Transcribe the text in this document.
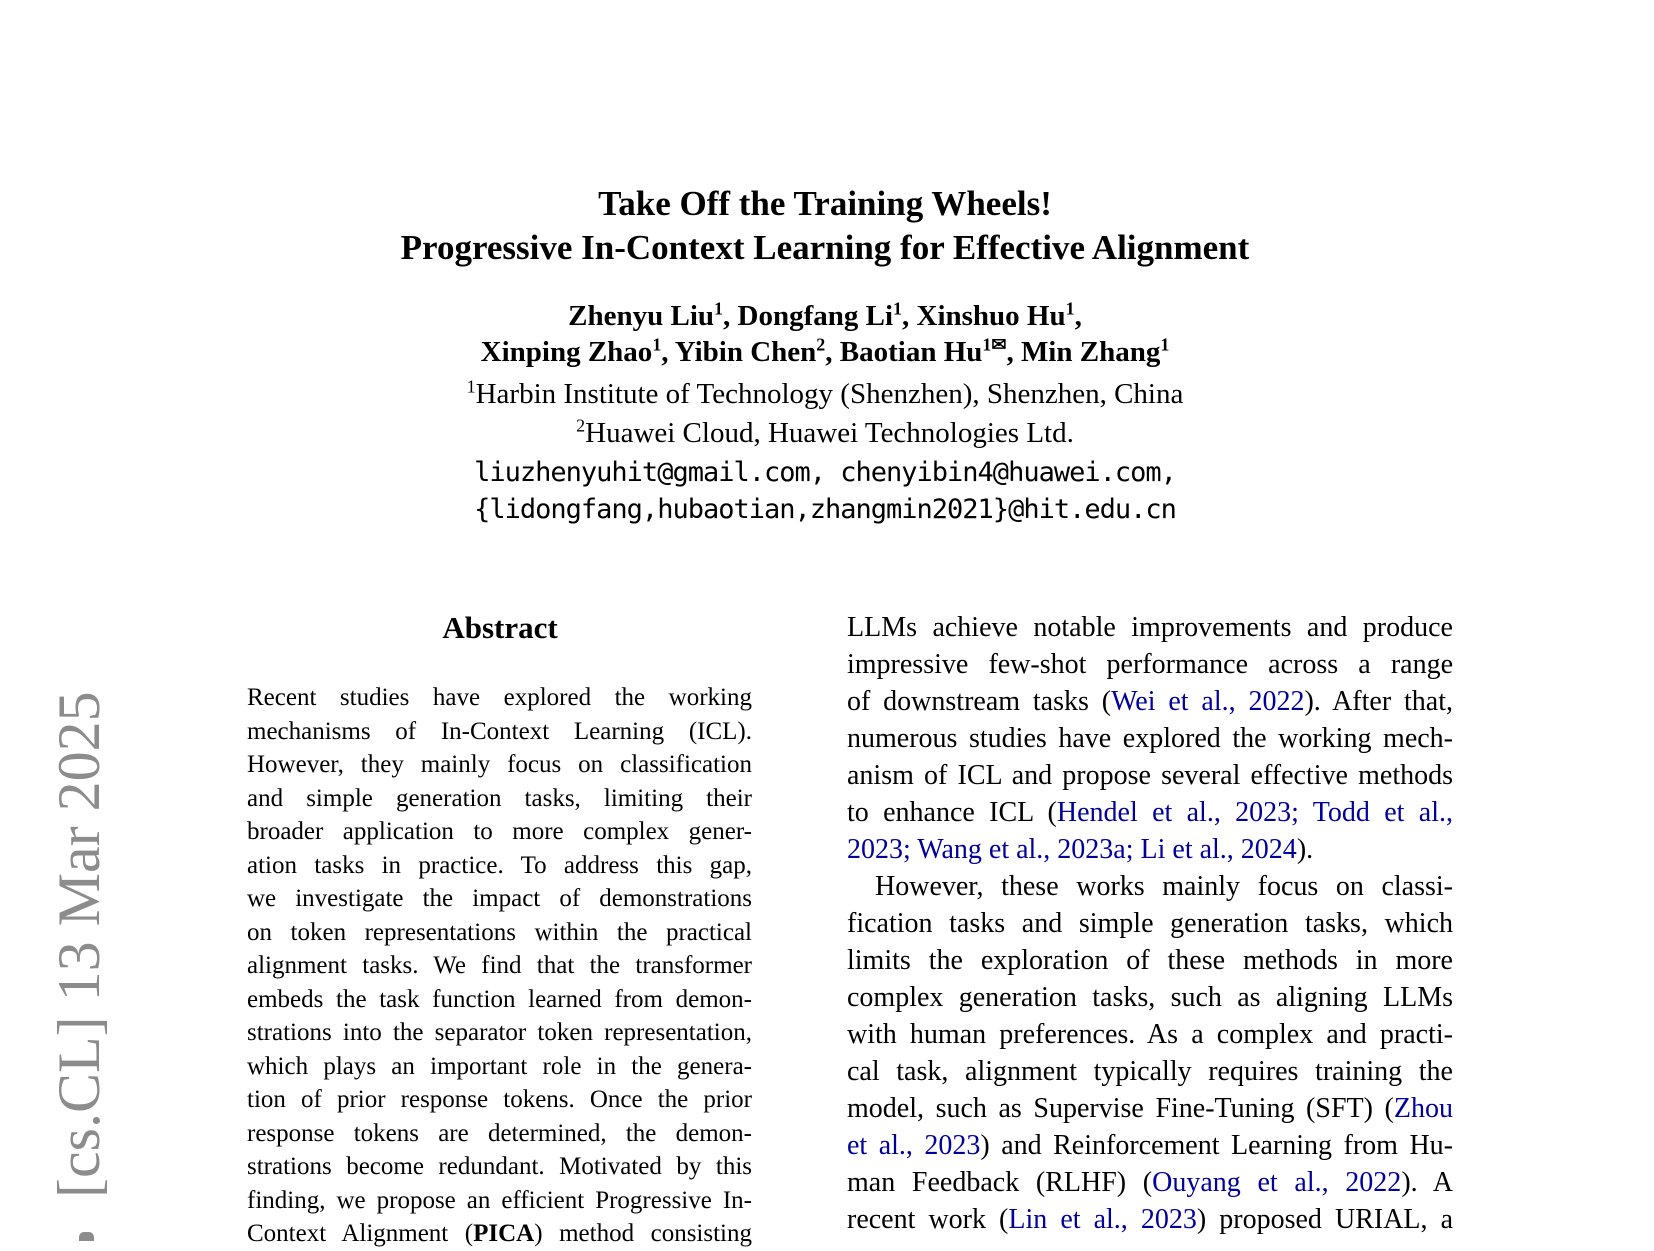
[cs.CL] 13 Mar 2025
Take Off the Training Wheels!
Progressive In-Context Learning for Effective Alignment
Zhenyu Liu$^1$, Dongfang Li$^1$, Xinshuo Hu$^1$,
Xinping Zhao$^1$, Yibin Chen$^2$, Baotian $Hu^{1✉}$, Min Zhang$^1$
$^1$Harbin Institute of Technology (Shenzhen), Shenzhen, China
$^2$Huawei Cloud, Huawei Technologies Ltd.
liuzhenyuhit@gmail.com, chenyibin4@huawei.com,
{lidongfang,hubaotian,zhangmin2021}@hit.edu.cn
Abstract
Recent studies have explored the working
mechanisms of In-Context Learning (ICL).
However, they mainly focus on classification
and simple generation tasks, limiting their
broader application to more complex gener-
ation tasks in practice. To address this gap,
we investigate the impact of demonstrations
on token representations within the practical
alignment tasks. We find that the transformer
embeds the task function learned from demon-
strations into the separator token representation,
which plays an important role in the genera-
tion of prior response tokens. Once the prior
response tokens are determined, the demon-
strations become redundant. Motivated by this
finding, we propose an efficient Progressive In-
Context Alignment (PICA) method consisting
LLMs achieve notable improvements and produce
impressive few-shot performance across a range
of downstream tasks (Wei et al., 2022). After that,
numerous studies have explored the working mech-
anism of ICL and propose several effective methods
to enhance ICL (Hendel et al., 2023; Todd et al.,
2023; Wang et al., 2023a; Li et al., 2024).
However, these works mainly focus on classi-
fication tasks and simple generation tasks, which
limits the exploration of these methods in more
complex generation tasks, such as aligning LLMs
with human preferences. As a complex and practi-
cal task, alignment typically requires training the
model, such as Supervise Fine-Tuning (SFT) (Zhou
et al., 2023) and Reinforcement Learning from Hu-
man Feedback (RLHF) (Ouyang et al., 2022). A
recent work (Lin et al., 2023) proposed URIAL, a
